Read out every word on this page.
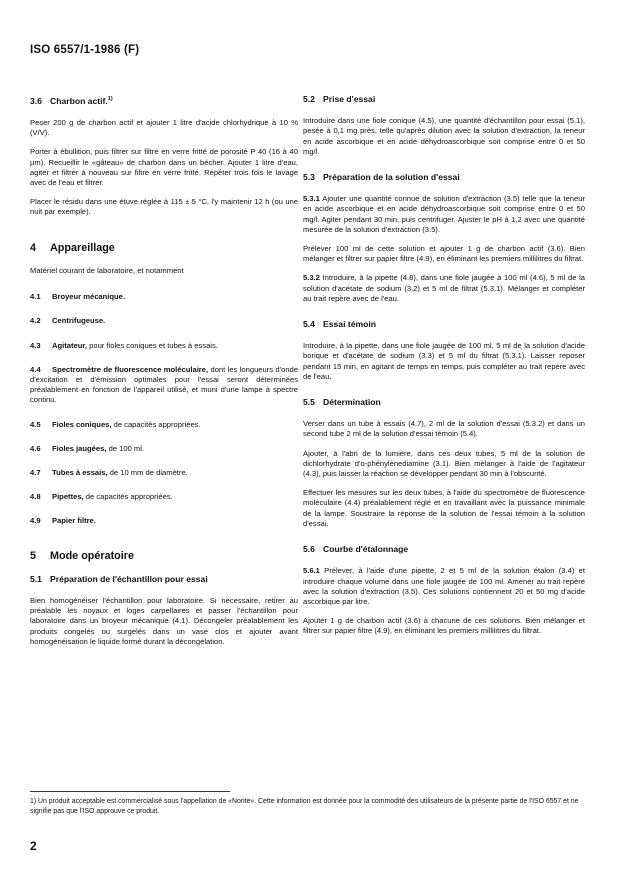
ISO 6557/1-1986 (F)
3.6 Charbon actif.$^{1)}$

Peser 200 g de charbon actif et ajouter 1 litre d'acide chlorhydrique à 10 % (V/V).

Porter à ébullition, puis filtrer sur filtre en verre fritté de porosité P 40 (16 à 40 µm). Recueillir le «gâteau» de charbon dans un bécher. Ajouter 1 litre d'eau, agiter et filtrer à nouveau sur filtre en verre fritté. Répéter trois fois le lavage avec de l'eau et filtrer.

Placer le résidu dans une étuve réglée à 115 ± 5 °C, l'y maintenir 12 h (ou une nuit par exemple).

4 Appareillage

Matériel courant de laboratoire, et notamment

4.1 Broyeur mécanique.
4.2 Centrifugeuse.
4.3 Agitateur, pour fioles coniques et tubes à essais.
4.4 Spectromètre de fluorescence moléculaire, dont les longueurs d'onde d'excitation et d'émission optimales pour l'essai seront déterminées préalablement en fonction de l'appareil utilisé, et muni d'une lampe à spectre continu.
4.5 Fioles coniques, de capacités appropriées.
4.6 Fioles jaugées, de 100 ml.
4.7 Tubes à essais, de 10 mm de diamètre.
4.8 Pipettes, de capacités appropriées.
4.9 Papier filtre.
5 Mode opératoire
5.1 Préparation de l'échantillon pour essai

Bien homogénéiser l'échantillon pour laboratoire. Si nécessaire, retirer au préalable les noyaux et loges carpellaires et passer l'échantillon pour laboratoire dans un broyeur mécanique (4.1). Décongeler préalablement les produits congelés ou surgelés dans un vase clos et ajouter avant homogénéisation le liquide formé durant la décongélation.

5.2 Prise d'essai

Introduire dans une fiole conique (4.5), une quantité d'échantillon pour essai (5.1), pesée à 0,1 mg près, telle qu'après dilution avec la solution d'extraction, la teneur en acide ascorbique et en acide déhydroascorbique soit comprise entre 0 et 50 mg/l.

5.3 Préparation de la solution d'essai

5.3.1 Ajouter une quantité connue de solution d'extraction (3.5) telle que la teneur en acide ascorbique et en acide déhydroascorbique soit comprise entre 0 et 50 mg/l. Agiter pendant 30 min, puis centrifuger. Ajuster le pH à 1,2 avec une quantité mesurée de la solution d'extraction (3.5).

Prélever 100 ml de cette solution et ajouter 1 g de charbon actif (3.6). Bien mélanger et filtrer sur papier filtre (4.9), en éliminant les premiers millilitres du filtrat.

5.3.2 Introduire, à la pipette (4.8), dans une fiole jaugée à 100 ml (4.6), 5 ml de la solution d'acétate de sodium (3.2) et 5 ml de filtrat (5.3.1). Mélanger et compléter au trait repère avec de l'eau.

5.4 Essai témoin

Introduire, à la pipette, dans une fiole jaugée de 100 ml, 5 ml de la solution d'acide borique et d'acétate de sodium (3.3) et 5 ml du filtrat (5.3.1). Laisser reposer pendant 15 min, en agitant de temps en temps, puis compléter au trait repère avec de l'eau.

5.5 Détermination

Verser dans un tube à essais (4.7), 2 ml de la solution d'essai (5.3.2) et dans un second tube 2 ml de la solution d'essai témoin (5.4).

Ajouter, à l'abri de la lumière, dans ces deux tubes, 5 ml de la solution de dichlorhydrate d'o-phénylènediamine (3.1). Bien mélanger à l'aide de l'agitateur (4.3), puis laisser la réaction se développer pendant 30 min à l'obscurité.

Effectuer les mesures sur les deux tubes, à l'aide du spectromètre de fluorescence moléculaire (4.4) préalablement réglé et en travaillant avec la puissance minimale de la lampe. Soustraire la réponse de la solution de l'essai témoin à la solution d'essai.

5.6 Courbe d'étalonnage

5.6.1 Prélever, à l'aide d'une pipette, 2 et 5 ml de la solution étalon (3.4) et introduire chaque volume dans une fiole jaugée de 100 ml. Amener au trait repère avec la solution d'extraction (3.5). Ces solutions contiennent 20 et 50 mg d'acide ascorbique par litre.

Ajouter 1 g de charbon actif (3.6) à chacune de ces solutions. Bien mélanger et filtrer sur papier filtre (4.9), en éliminant les premiers millilitres du filtrat.

1) Un produit acceptable est commercialisé sous l'appellation de «Norite». Cette information est donnée pour la commodité des utilisateurs de la présente partie de l'ISO 6557 et ne signifie pas que l'ISO approuve ce produit.
2
